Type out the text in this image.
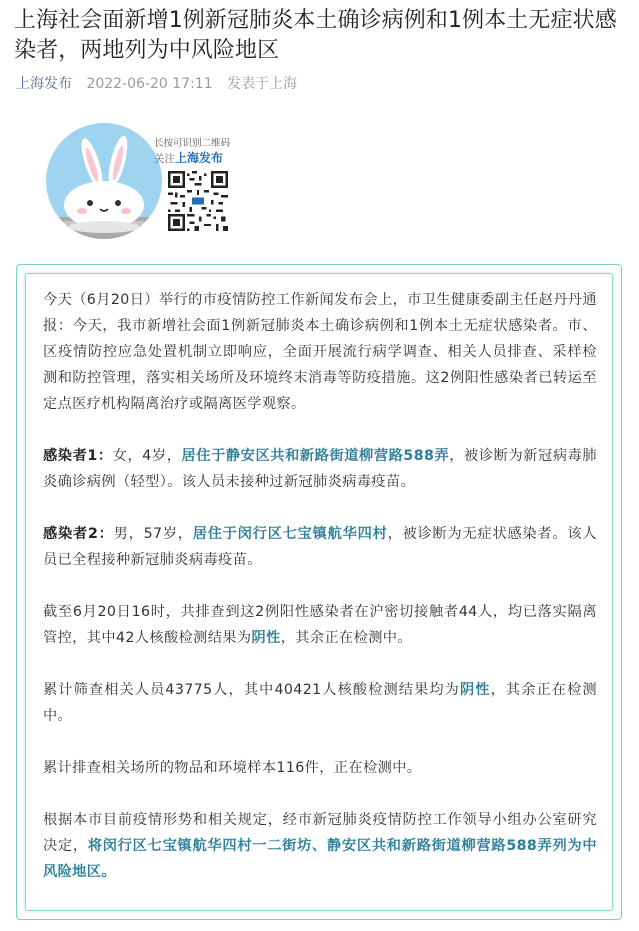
上海社会面新增1例新冠肺炎本土确诊病例和1例本土无症状感染者，两地列为中风险地区
上海发布 2022-06-20 17:11 发表于上海
长按可识别二维码
关注上海发布

今天（6月20日）举行的市疫情防控工作新闻发布会上，市卫生健康委副主任赵丹丹通报：今天，我市新增社会面1例新冠肺炎本土确诊病例和1例本土无症状感染者。市、区疫情防控应急处置机制立即响应，全面开展流行病学调查、相关人员排查、采样检测和防控管理，落实相关场所及环境终末消毒等防疫措施。这2例阳性感染者已转运至定点医疗机构隔离治疗或隔离医学观察。

感染者1：女，4岁，居住于静安区共和新路街道柳营路588弄，被诊断为新冠病毒肺炎确诊病例（轻型）。该人员未接种过新冠肺炎病毒疫苗。

感染者2：男，57岁，居住于闵行区七宝镇航华四村，被诊断为无症状感染者。该人员已全程接种新冠肺炎病毒疫苗。

截至6月20日16时，共排查到这2例阳性感染者在沪密切接触者44人，均已落实隔离管控，其中42人核酸检测结果为阴性，其余正在检测中。

累计筛查相关人员43775人，其中40421人核酸检测结果均为阴性，其余正在检测中。

累计排查相关场所的物品和环境样本116件，正在检测中。

根据本市目前疫情形势和相关规定，经市新冠肺炎疫情防控工作领导小组办公室研究决定，将闵行区七宝镇航华四村一二街坊、静安区共和新路街道柳营路588弄列为中风险地区。
